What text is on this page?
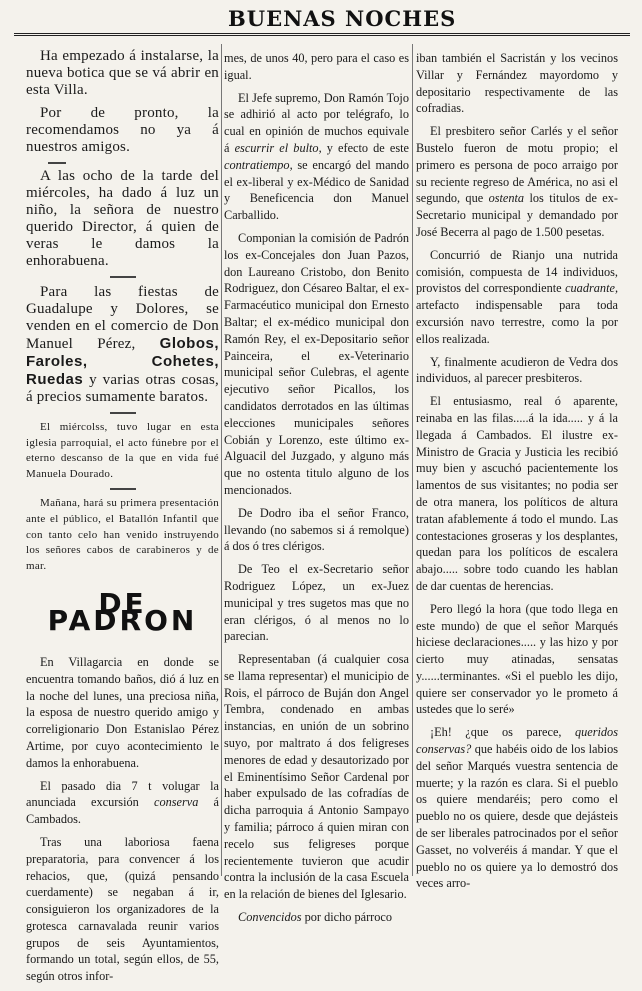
BUENAS NOCHES

Ha empezado á instalarse, la nueva botica que se vá abrir en esta Villa.

Por de pronto, la recomendamos no ya á nuestros amigos.

A las ocho de la tarde del miércoles, ha dado á luz un niño, la señora de nuestro querido Director, á quien de veras le damos la enhorabuena.

Para las fiestas de Guadalupe y Dolores, se venden en el comercio de Don Manuel Pérez, Globos, Faroles, Cohetes, Ruedas y varias otras cosas, á precios sumamente baratos.

El miércolss, tuvo lugar en esta iglesia parroquial, el acto fúnebre por el eterno descanso de la que en vida fué Manuela Dourado.

Mañana, hará su primera presentación ante el público, el Batallón Infantil que con tanto celo han venido instruyendo los señores cabos de carabineros y de mar.

DE PADRON

En Villagarcia en donde se encuentra tomando baños, dió á luz en la noche del lunes, una preciosa niña, la esposa de nuestro querido amigo y correligionario Don Estanislao Pérez Artime, por cuyo acontecimiento le damos la enhorabuena.

El pasado dia 7 t volugar la anunciada excursión conserva á Cambados.

Tras una laboriosa faena preparatoria, para convencer á los rehacios, que, (quizá pensando cuerdamente) se negaban á ir, consiguieron los organizadores de la grotesca carnavalada reunir varios grupos de seis Ayuntamientos, formando un total, según ellos, de 55, según otros infor-

mes, de unos 40, pero para el caso es igual.

El Jefe supremo, Don Ramón Tojo se adhirió al acto por telégrafo, lo cual en opinión de muchos equivale á escurrir el bulto, y efecto de este contratiempo, se encargó del mando el ex-liberal y ex-Médico de Sanidad y Beneficencia don Manuel Carballido.

Componian la comisión de Padrón los ex-Concejales don Juan Pazos, don Laureano Cristobo, don Benito Rodriguez, don Césareo Baltar, el ex-Farmacéutico municipal don Ernesto Baltar; el ex-médico municipal don Ramón Rey, el ex-Depositario señor Painceira, el ex-Veterinario municipal señor Culebras, el agente ejecutivo señor Picallos, los candidatos derrotados en las últimas elecciones municipales señores Cobián y Lorenzo, este último ex-Alguacil del Juzgado, y alguno más que no ostenta titulo alguno de los mencionados.

De Dodro iba el señor Franco, llevando (no sabemos si á remolque) á dos ó tres clérigos.

De Teo el ex-Secretario señor Rodriguez López, un ex-Juez municipal y tres sugetos mas que no eran clérigos, ó al menos no lo parecian.

Representaban (á cualquier cosa se llama representar) el municipio de Rois, el párroco de Buján don Angel Tembra, condenado en ambas instancias, en unión de un sobrino suyo, por maltrato á dos feligreses menores de edad y desautorizado por el Eminentísimo Señor Cardenal por haber expulsado de las cofradías de dicha parroquia á Antonio Sampayo y familia; párroco á quien miran con recelo sus feligreses porque recientemente tuvieron que acudir contra la inclusión de la casa Escuela en la relación de bienes del Iglesario.

Convencidos por dicho párroco

iban también el Sacristán y los vecinos Villar y Fernández mayordomo y depositario respectivamente de las cofradias.

El presbitero señor Carlés y el señor Bustelo fueron de motu propio; el primero es persona de poco arraigo por su reciente regreso de América, no asi el segundo, que ostenta los titulos de ex-Secretario municipal y demandado por José Becerra al pago de 1.500 pesetas.

Concurrió de Rianjo una nutrida comisión, compuesta de 14 individuos, provistos del correspondiente cuadrante, artefacto indispensable para toda excursión navo terrestre, como la por ellos realizada.

Y, finalmente acudieron de Vedra dos individuos, al parecer presbiteros.

El entusiasmo, real ó aparente, reinaba en las filas.....á la ida..... y á la llegada á Cambados. El ilustre ex-Ministro de Gracia y Justicia les recibió muy bien y ascuchó pacientemente los lamentos de sus visitantes; no podia ser de otra manera, los políticos de altura tratan afablemente á todo el mundo. Las contestaciones groseras y los desplantes, quedan para los políticos de escalera abajo..... sobre todo cuando les hablan de dar cuentas de herencias.

Pero llegó la hora (que todo llega en este mundo) de que el señor Marqués hiciese declaraciones..... y las hizo y por cierto muy atinadas, sensatas y......terminantes. «Si el pueblo les dijo, quiere ser conservador yo le prometo á ustedes que lo seré»

¡Eh! ¿que os parece, queridos conservas? que habéis oido de los labios del señor Marqués vuestra sentencia de muerte; y la razón es clara. Si el pueblo os quiere mendaréis; pero como el pueblo no os quiere, desde que dejásteis de ser liberales patrocinados por el señor Gasset, no volveréis á mandar. Y que el pueblo no os quiere ya lo demostró dos veces arro-
